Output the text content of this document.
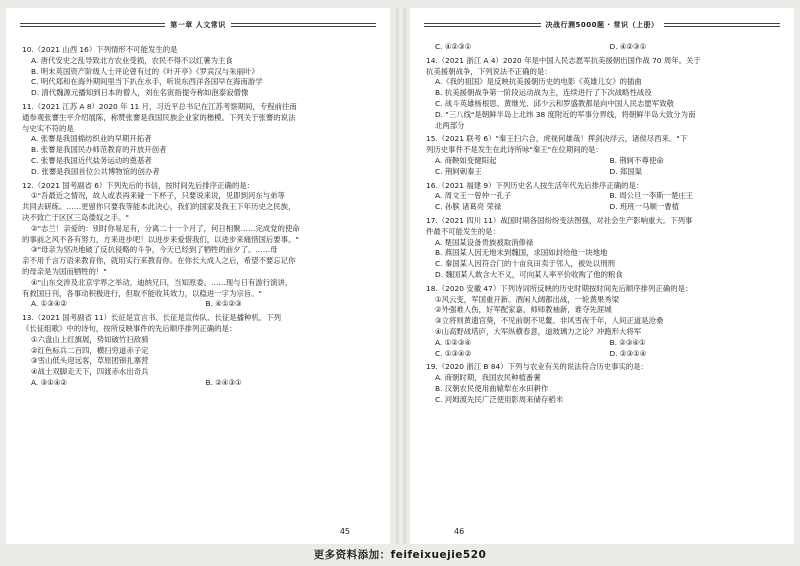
第一章 人文常识
10.（2021 山西 16）下列情形不可能发生的是
A. 唐代安史之乱导致北方农业受损，农民不得不以红薯为主食
B. 明末英国资产阶级人士评论曾有过的《叶开亭》《罗宾汉与朱丽叶》
C. 明代郑和在海外期间里当下扒在水手，听说东西洋各国早在海南游学
D. 清代魏源元播知到日本的僧人，刘在名寅指提寺称如泡泰寂僧像
11.（2021 江苏 A 8）2020 年 11 月，习近平总书记在江苏考察期间，专程前往南
通参观张謇生平介绍展陈，称赞张謇是我国民族企业家的楷模。下列关于张謇的说法
与史实不符的是
A. 张謇是我国棉纺织业的早期开拓者
B. 张謇是我国民办师范教育的开放开创者
C. 张謇是我国近代盐务运动的奠基者
D. 张謇是我国首位公共博物馆的创办者
12.（2021 国考副省 6）下列先后的书信，按时间先后排序正确的是：
①"吾最近之情况，故人或表再来碰一下杯子，只要说来说，见即到河东与弟等
共同去研练。……更留你只要我等能本此决心，我们的国家及我王下年历史之民族，
决不致亡于区区三岛倭奴之手。"
②"志兰！亲爱的：别时你易足有，分离二十一个月了，何日相聚……完成党的使命
的事前之风不各有努力，方来进步吧！以进步来爱惜我们，以进步来痛惜国后要事。"
③"母亲为坚决地破了反抗侵略的斗争，今天已经到了牺牲的前夕了。……母
亲不用千言万语来教育你，就用实行来教育你。在你长大成人之后，希望不要忘记你
的母亲是为国而牺牲的！"
④"山东交涉及北京学界之举动，迪纳兄曰，当知原委。……现与日有游行演讲，
有救国日刊，各事动积极进行，但取不能收其效力，以稳进一字为宗旨。"
A. ①③④②	B. ④①②③
13.（2021 国考副省 11）长征是宣言书、长征是宣传队、长征是播种机。下列
《长征组歌》中的诗句，按所反映事件的先后顺序排列正确的是：
①六盘山上红旗展，势如破竹扫敌骑
②红色标兵二百四，横扫穷道赤子定
③雪山低头迎远客，草原团锦扎寨营
④战士双脚走天下，四渡赤水出奇兵
A. ③①④②	B. ②④③①
45
决战行测5000题 · 常识（上册）
C. ④②③①	D. ④②③①
14.（2021 浙江 A 4）2020 年是中国人民志愿军抗美援朝出国作战 70 周年。关于
抗美援朝战争，下列说法不正确的是：
A.《我的祖国》是反映抗美援朝历史的电影《英雄儿女》的插曲
B. 抗美援朝战争第一阶段运动战为主，连续进行了下次战略性战役
C. 战斗英雄杨根思、黄继光、邱少云和罗盛教都是向中国人民志愿军致敬
D. "三八线"是朝鲜半岛上北纬 38 度附近的军事分界线，将朝鲜半岛大致分为南
北两部分
15.（2021 联考 6）"秦王扫六合，虎视何雄哉！挥剑决浮云，诸侯尽西来。"下
列历史事件不是发生在此诗所咏"秦王"在位期间的是：
A. 商鞅如变健阳起	B. 荆轲不尊使命
C. 荆轲刺秦王	D. 郑国渠
16.（2021 福建 9）下列历史名人按生活年代先后排序正确的是：
A. 周文王一曾仲一孔子	B. 周公旦一李斯一楚庄王
C. 孙膑 诸葛亮 荣禄	D. 班班一马顺一曹植
17.（2021 四川 11）战国时期各国纷纷变法图强，对社会生产影响重大。下列事
件最不可能发生的是：
A. 楚国某设备贵族被取消俸禄
B. 燕国某人因无地未到魏国，求国如封给他一块地地
C. 秦国某人因符合门的十亩良田卖于邻人，被处以刑刑
D. 魏国某人敢含大不义，可向某人率平价收购了他的粮食
18.（2020 安徽 47）下列诗词所反映的历史时期按时间先后顺序排列正确的是：
①风云变，军国重开新。酒闲人阔都出战，一轮黄果秀梁
②外强难人伤，好军配家嘉，师师教袖新，谁夺先涯城
③立将则黄遗宫葵，不见前朝不见鳌。非风雪夜千年，人间正道是沧桑
④山高野战塔庐，大军纵横春意，道玻璃力之论？冲跑形大将军
A. ①②③④	B. ②③④①
C. ①③④②	D. ②③①④
19.（2020 浙江 B 84）下列与农业有关的说法符合历史事实的是：
A. 商朝时期，我国农民种植番薯
B. 汉朝农民使用曲辕犁在水田耕作
C. 河姆渡先民广泛使用影周来储存稻米
46
更多资料添加：feifeixuejie520
